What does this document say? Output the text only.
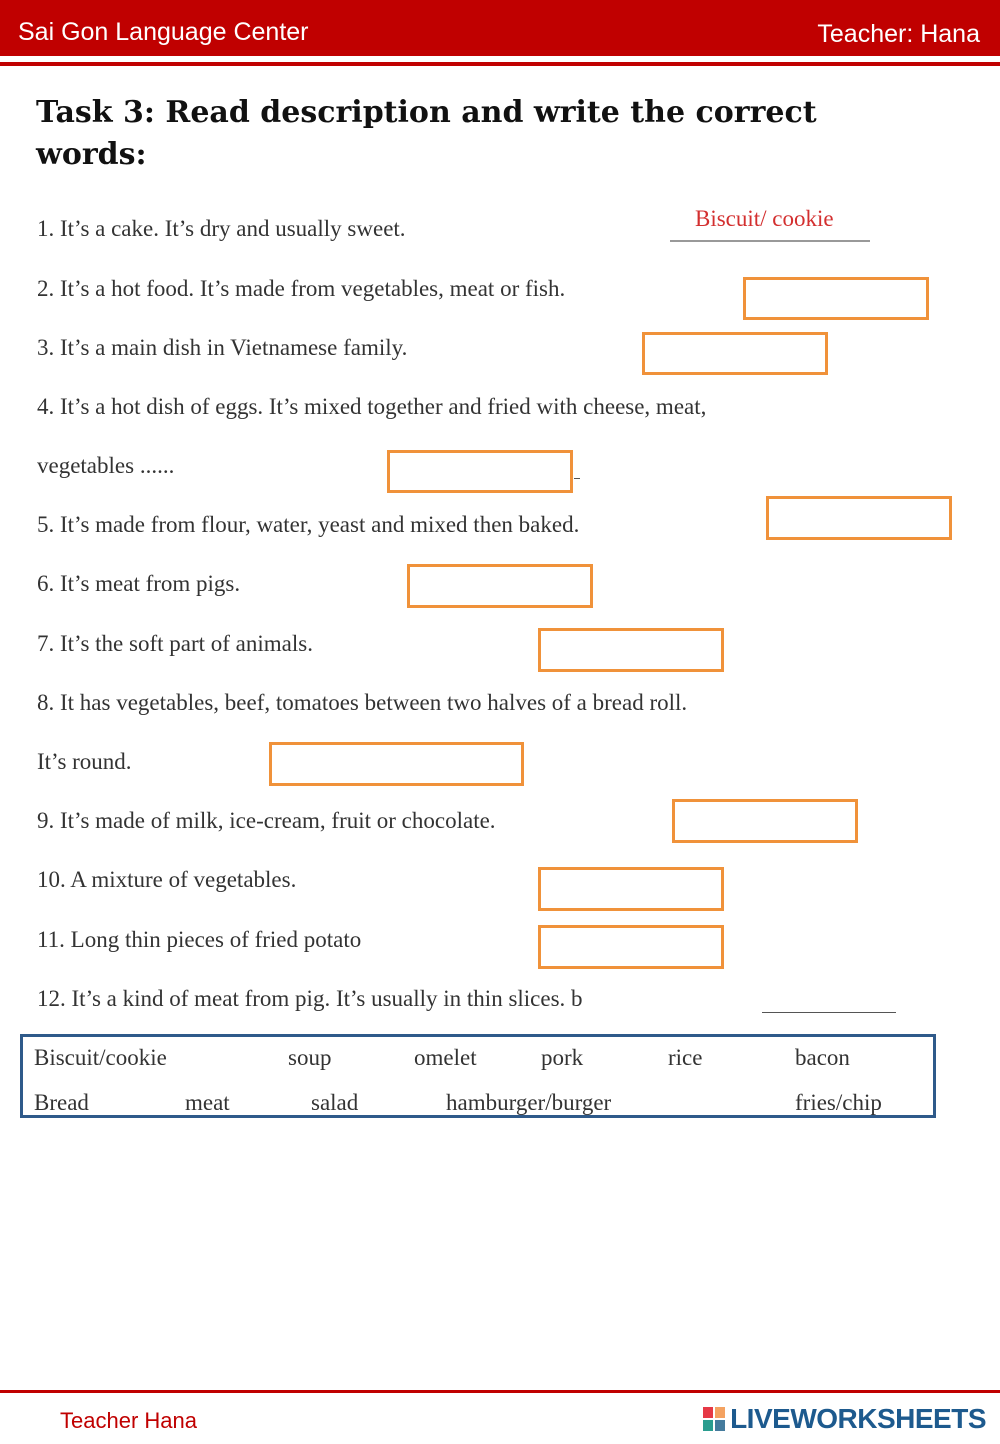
Sai Gon Language Center	Teacher: Hana
Task 3: Read description and write the correct words:
1. It’s a cake. It’s dry and usually sweet.	Biscuit/ cookie
2. It’s a hot food. It’s made from vegetables, meat or fish.
3. It’s a main dish in Vietnamese family.
4. It’s a hot dish of eggs. It’s mixed together and fried with cheese, meat,
vegetables ......
5. It’s made from flour, water, yeast and mixed then baked.
6. It’s meat from pigs.
7. It’s the soft part of animals.
8. It has vegetables, beef, tomatoes between two halves of a bread roll.
It’s round.
9. It’s made of milk, ice-cream, fruit or chocolate.
10. A mixture of vegetables.
11. Long thin pieces of fried potato
12. It’s a kind of meat from pig. It’s usually in thin slices. b
Biscuit/cookie	soup	omelet	pork	rice	bacon
Bread	meat	salad	hamburger/burger	fries/chip
Teacher Hana	LIVEWORKSHEETS
